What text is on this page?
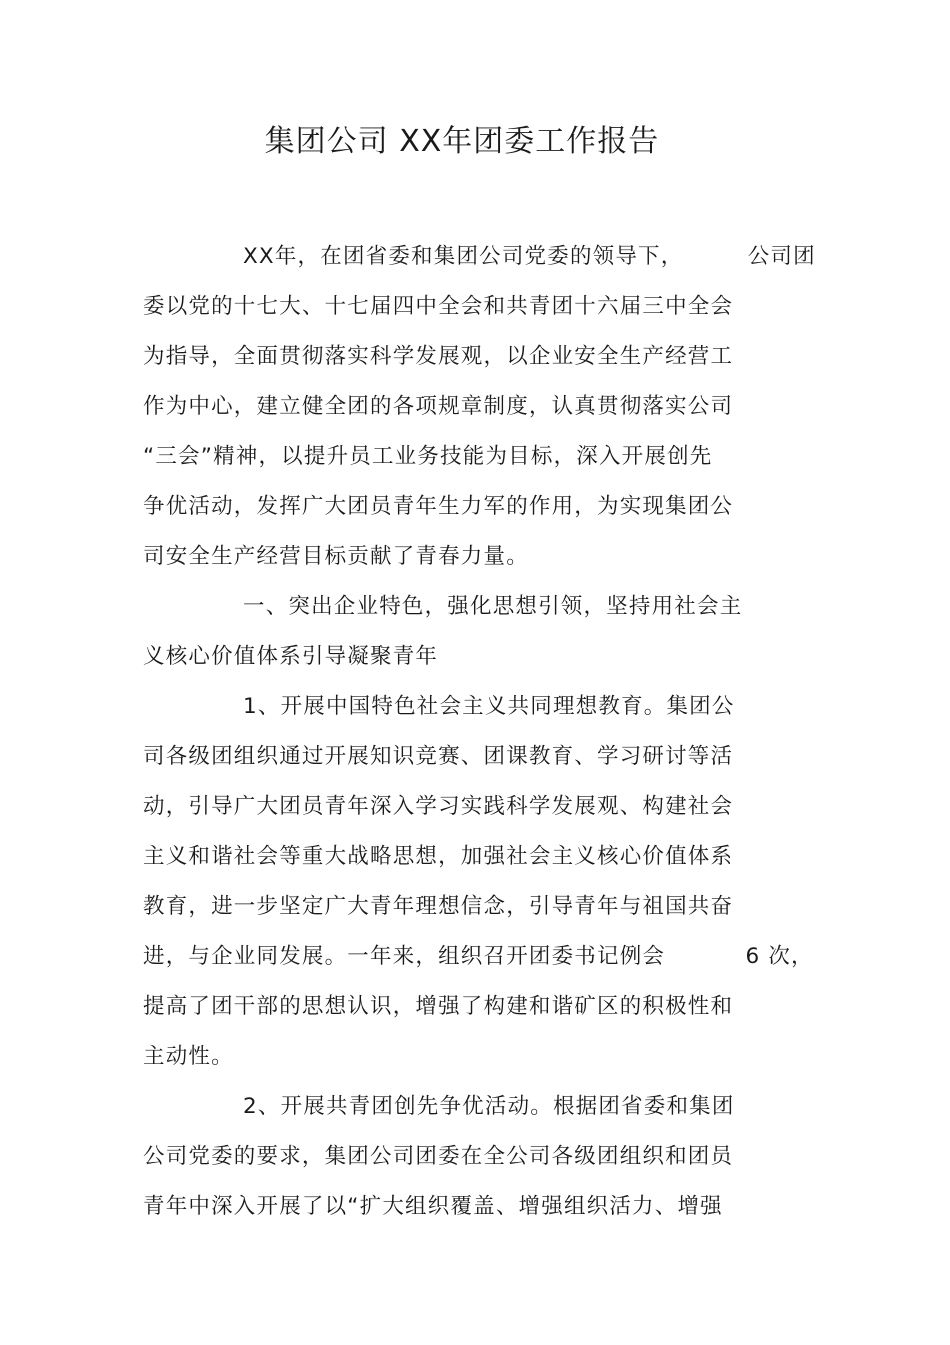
集团公司 XX年团委工作报告
XX年，在团省委和集团公司党委的领导下，        公司团
委以党的十七大、十七届四中全会和共青团十六届三中全会
为指导，全面贯彻落实科学发展观，以企业安全生产经营工
作为中心，建立健全团的各项规章制度，认真贯彻落实公司
“三会”精神，以提升员工业务技能为目标，深入开展创先
争优活动，发挥广大团员青年生力军的作用，为实现集团公
司安全生产经营目标贡献了青春力量。
一、突出企业特色，强化思想引领，坚持用社会主
义核心价值体系引导凝聚青年
1、开展中国特色社会主义共同理想教育。集团公
司各级团组织通过开展知识竞赛、团课教育、学习研讨等活
动，引导广大团员青年深入学习实践科学发展观、构建社会
主义和谐社会等重大战略思想，加强社会主义核心价值体系
教育，进一步坚定广大青年理想信念，引导青年与祖国共奋
进，与企业同发展。一年来，组织召开团委书记例会          6 次，
提高了团干部的思想认识，增强了构建和谐矿区的积极性和
主动性。
2、开展共青团创先争优活动。根据团省委和集团
公司党委的要求，集团公司团委在全公司各级团组织和团员
青年中深入开展了以“扩大组织覆盖、增强组织活力、增强
